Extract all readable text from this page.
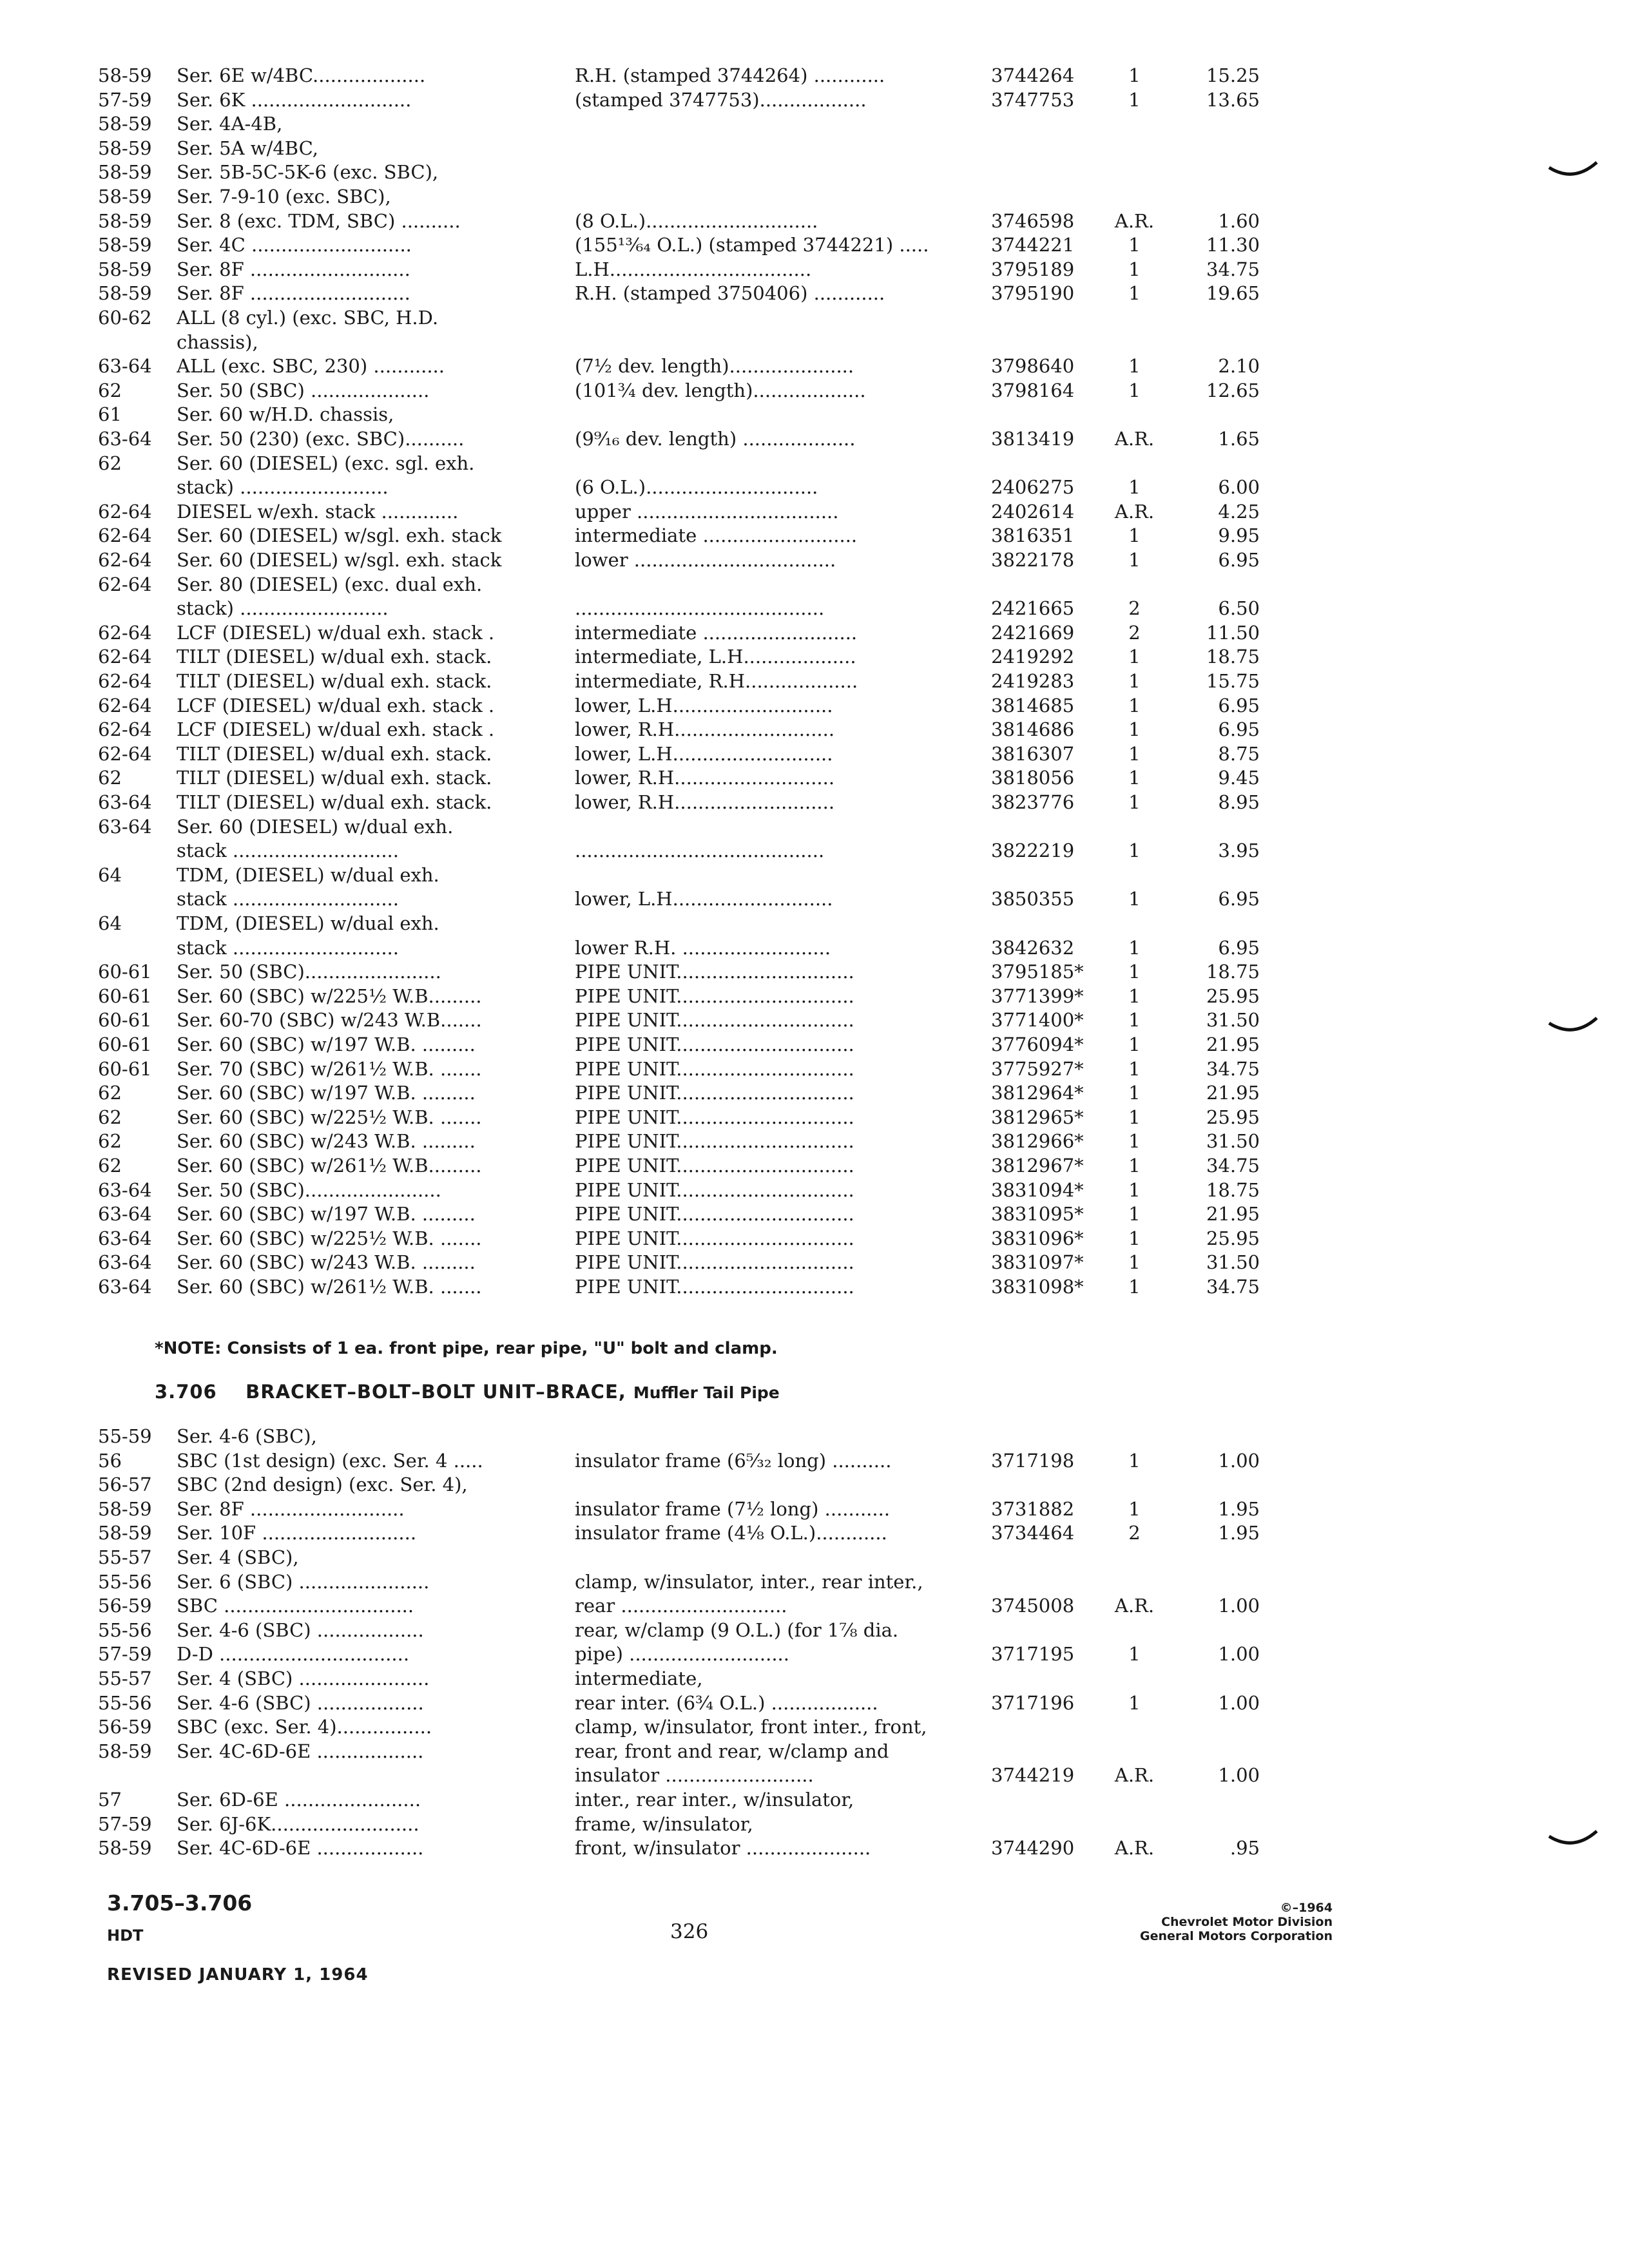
58-59	Ser. 6E w/4BC...................	R.H. (stamped 3744264) ............	3744264	1	15.25
57-59	Ser. 6K ...........................	(stamped 3747753)..................	3747753	1	13.65
58-59	Ser. 4A-4B,
58-59	Ser. 5A w/4BC,
58-59	Ser. 5B-5C-5K-6 (exc. SBC),
58-59	Ser. 7-9-10 (exc. SBC),
58-59	Ser. 8 (exc. TDM, SBC) ..........	(8 O.L.).............................	3746598	A.R.	1.60
58-59	Ser. 4C ...........................	(155¹³⁄₆₄ O.L.) (stamped 3744221) .....	3744221	1	11.30
58-59	Ser. 8F ...........................	L.H..................................	3795189	1	34.75
58-59	Ser. 8F ...........................	R.H. (stamped 3750406) ............	3795190	1	19.65
60-62	ALL (8 cyl.) (exc. SBC, H.D.
chassis),
63-64	ALL (exc. SBC, 230) ............	(7½ dev. length).....................	3798640	1	2.10
62	Ser. 50 (SBC) ....................	(101¾ dev. length)...................	3798164	1	12.65
61	Ser. 60 w/H.D. chassis,
63-64	Ser. 50 (230) (exc. SBC)..........	(9⁹⁄₁₆ dev. length) ...................	3813419	A.R.	1.65
62	Ser. 60 (DIESEL) (exc. sgl. exh.
stack) .........................	(6 O.L.).............................	2406275	1	6.00
62-64	DIESEL w/exh. stack .............	upper ..................................	2402614	A.R.	4.25
62-64	Ser. 60 (DIESEL) w/sgl. exh. stack	intermediate ..........................	3816351	1	9.95
62-64	Ser. 60 (DIESEL) w/sgl. exh. stack	lower ..................................	3822178	1	6.95
62-64	Ser. 80 (DIESEL) (exc. dual exh.
stack) .........................	..........................................	2421665	2	6.50
62-64	LCF (DIESEL) w/dual exh. stack .	intermediate ..........................	2421669	2	11.50
62-64	TILT (DIESEL) w/dual exh. stack.	intermediate, L.H...................	2419292	1	18.75
62-64	TILT (DIESEL) w/dual exh. stack.	intermediate, R.H...................	2419283	1	15.75
62-64	LCF (DIESEL) w/dual exh. stack .	lower, L.H...........................	3814685	1	6.95
62-64	LCF (DIESEL) w/dual exh. stack .	lower, R.H...........................	3814686	1	6.95
62-64	TILT (DIESEL) w/dual exh. stack.	lower, L.H...........................	3816307	1	8.75
62	TILT (DIESEL) w/dual exh. stack.	lower, R.H...........................	3818056	1	9.45
63-64	TILT (DIESEL) w/dual exh. stack.	lower, R.H...........................	3823776	1	8.95
63-64	Ser. 60 (DIESEL) w/dual exh.
stack ............................	..........................................	3822219	1	3.95
64	TDM, (DIESEL) w/dual exh.
stack ............................	lower, L.H...........................	3850355	1	6.95
64	TDM, (DIESEL) w/dual exh.
stack ............................	lower R.H. .........................	3842632	1	6.95
60-61	Ser. 50 (SBC).......................	PIPE UNIT..............................	3795185*	1	18.75
60-61	Ser. 60 (SBC) w/225½ W.B.........	PIPE UNIT..............................	3771399*	1	25.95
60-61	Ser. 60-70 (SBC) w/243 W.B.......	PIPE UNIT..............................	3771400*	1	31.50
60-61	Ser. 60 (SBC) w/197 W.B. .........	PIPE UNIT..............................	3776094*	1	21.95
60-61	Ser. 70 (SBC) w/261½ W.B. .......	PIPE UNIT..............................	3775927*	1	34.75
62	Ser. 60 (SBC) w/197 W.B. .........	PIPE UNIT..............................	3812964*	1	21.95
62	Ser. 60 (SBC) w/225½ W.B. .......	PIPE UNIT..............................	3812965*	1	25.95
62	Ser. 60 (SBC) w/243 W.B. .........	PIPE UNIT..............................	3812966*	1	31.50
62	Ser. 60 (SBC) w/261½ W.B.........	PIPE UNIT..............................	3812967*	1	34.75
63-64	Ser. 50 (SBC).......................	PIPE UNIT..............................	3831094*	1	18.75
63-64	Ser. 60 (SBC) w/197 W.B. .........	PIPE UNIT..............................	3831095*	1	21.95
63-64	Ser. 60 (SBC) w/225½ W.B. .......	PIPE UNIT..............................	3831096*	1	25.95
63-64	Ser. 60 (SBC) w/243 W.B. .........	PIPE UNIT..............................	3831097*	1	31.50
63-64	Ser. 60 (SBC) w/261½ W.B. .......	PIPE UNIT..............................	3831098*	1	34.75
*NOTE: Consists of 1 ea. front pipe, rear pipe, "U" bolt and clamp.
3.706 BRACKET–BOLT–BOLT UNIT–BRACE, Muffler Tail Pipe
55-59	Ser. 4-6 (SBC),
56	SBC (1st design) (exc. Ser. 4 .....	insulator frame (6⁵⁄₃₂ long) ..........	3717198	1	1.00
56-57	SBC (2nd design) (exc. Ser. 4),
58-59	Ser. 8F ..........................	insulator frame (7½ long) ...........	3731882	1	1.95
58-59	Ser. 10F ..........................	insulator frame (4⅛ O.L.)............	3734464	2	1.95
55-57	Ser. 4 (SBC),
55-56	Ser. 6 (SBC) ......................	clamp, w/insulator, inter., rear inter.,
56-59	SBC ................................	rear ............................	3745008	A.R.	1.00
55-56	Ser. 4-6 (SBC) ..................	rear, w/clamp (9 O.L.) (for 1⅞ dia.
57-59	D-D ................................	pipe) ...........................	3717195	1	1.00
55-57	Ser. 4 (SBC) ......................	intermediate,
55-56	Ser. 4-6 (SBC) ..................	rear inter. (6¾ O.L.) ..................	3717196	1	1.00
56-59	SBC (exc. Ser. 4)................	clamp, w/insulator, front inter., front,
58-59	Ser. 4C-6D-6E ..................	rear, front and rear, w/clamp and
insulator .........................	3744219	A.R.	1.00
57	Ser. 6D-6E .......................	inter., rear inter., w/insulator,
57-59	Ser. 6J-6K.........................	frame, w/insulator,
58-59	Ser. 4C-6D-6E ..................	front, w/insulator .....................	3744290	A.R.	.95
3.705–3.706
HDT
REVISED JANUARY 1, 1964
326
©–1964
Chevrolet Motor Division
General Motors Corporation
